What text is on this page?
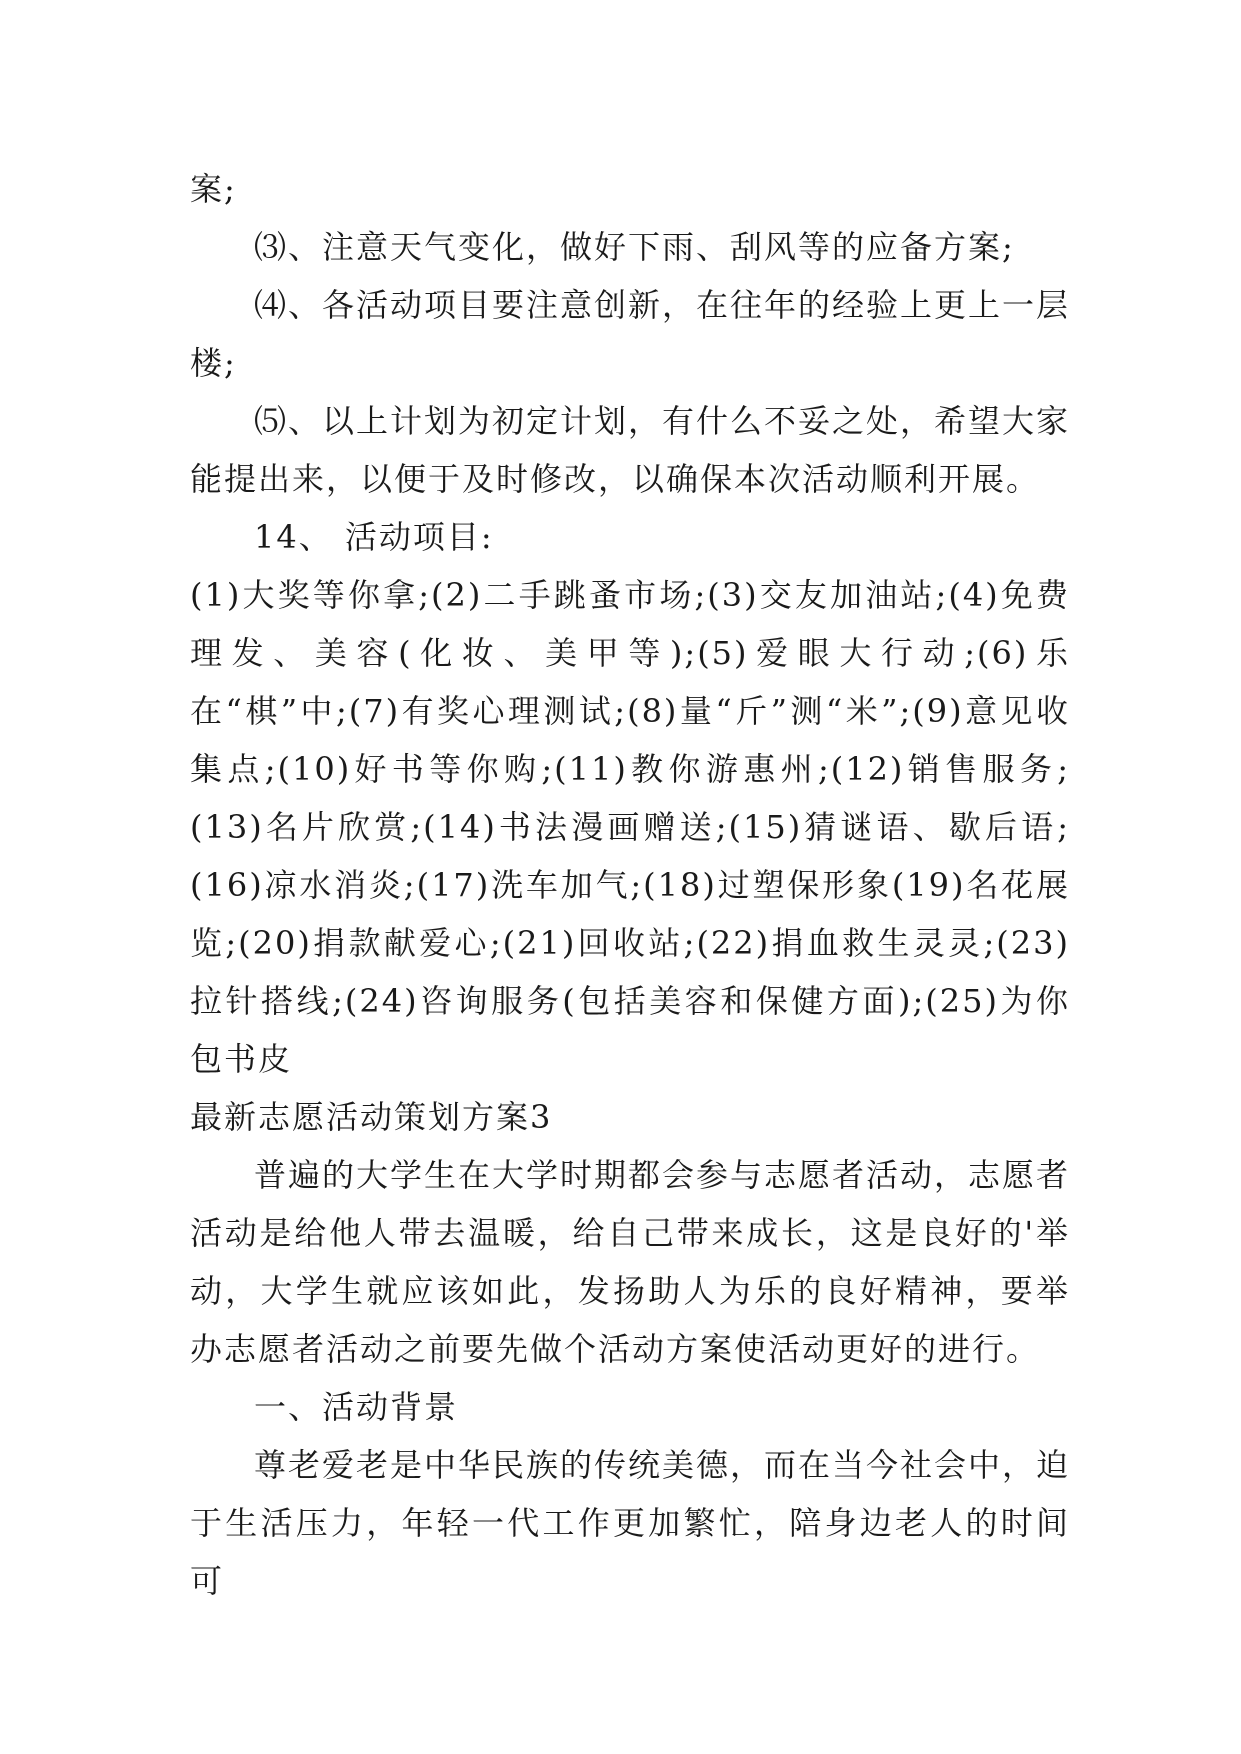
案;

⑶、注意天气变化，做好下雨、刮风等的应备方案;

⑷、各活动项目要注意创新，在往年的经验上更上一层楼;

⑸、以上计划为初定计划，有什么不妥之处，希望大家能提出来，以便于及时修改，以确保本次活动顺利开展。

14、 活动项目:

(1)大奖等你拿;(2)二手跳蚤市场;(3)交友加油站;(4)免费理发、美容(化妆、美甲等);(5)爱眼大行动;(6)乐在“棋”中;(7)有奖心理测试;(8)量“斤”测“米”;(9)意见收集点;(10)好书等你购;(11)教你游惠州;(12)销售服务;(13)名片欣赏;(14)书法漫画赠送;(15)猜谜语、歇后语;(16)凉水消炎;(17)洗车加气;(18)过塑保形象(19)名花展览;(20)捐款献爱心;(21)回收站;(22)捐血救生灵灵;(23)拉针搭线;(24)咨询服务(包括美容和保健方面);(25)为你包书皮

最新志愿活动策划方案3

普遍的大学生在大学时期都会参与志愿者活动，志愿者活动是给他人带去温暖，给自己带来成长，这是良好的'举动，大学生就应该如此，发扬助人为乐的良好精神，要举办志愿者活动之前要先做个活动方案使活动更好的进行。

一、活动背景

尊老爱老是中华民族的传统美德，而在当今社会中，迫于生活压力，年轻一代工作更加繁忙，陪身边老人的时间可
